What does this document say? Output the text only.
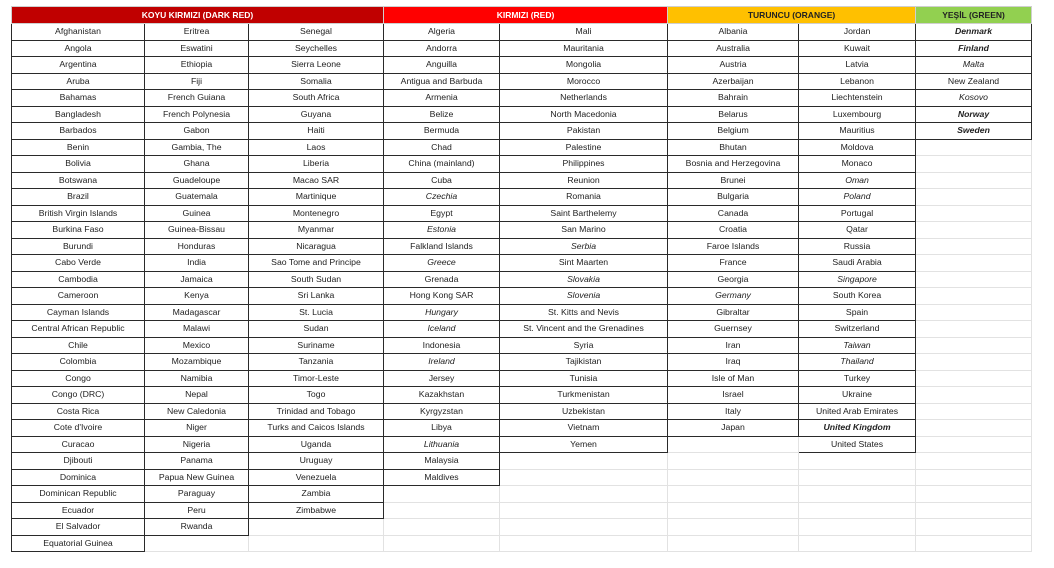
KOYU KIRMIZI (DARK RED)			KIRMIZI (RED)		TURUNCU (ORANGE)		YEŞİL (GREEN)
Afghanistan	Eritrea	Senegal	Algeria	Mali	Albania	Jordan	Denmark
Angola	Eswatini	Seychelles	Andorra	Mauritania	Australia	Kuwait	Finland
Argentina	Ethiopia	Sierra Leone	Anguilla	Mongolia	Austria	Latvia	Malta
Aruba	Fiji	Somalia	Antigua and Barbuda	Morocco	Azerbaijan	Lebanon	New Zealand
Bahamas	French Guiana	South Africa	Armenia	Netherlands	Bahrain	Liechtenstein	Kosovo
Bangladesh	French Polynesia	Guyana	Belize	North Macedonia	Belarus	Luxembourg	Norway
Barbados	Gabon	Haiti	Bermuda	Pakistan	Belgium	Mauritius	Sweden
Benin	Gambia, The	Laos	Chad	Palestine	Bhutan	Moldova	
Bolivia	Ghana	Liberia	China (mainland)	Philippines	Bosnia and Herzegovina	Monaco	
Botswana	Guadeloupe	Macao SAR	Cuba	Reunion	Brunei	Oman	
Brazil	Guatemala	Martinique	Czechia	Romania	Bulgaria	Poland	
British Virgin Islands	Guinea	Montenegro	Egypt	Saint Barthelemy	Canada	Portugal	
Burkina Faso	Guinea-Bissau	Myanmar	Estonia	San Marino	Croatia	Qatar	
Burundi	Honduras	Nicaragua	Falkland Islands	Serbia	Faroe Islands	Russia	
Cabo Verde	India	Sao Tome and Principe	Greece	Sint Maarten	France	Saudi Arabia	
Cambodia	Jamaica	South Sudan	Grenada	Slovakia	Georgia	Singapore	
Cameroon	Kenya	Sri Lanka	Hong Kong SAR	Slovenia	Germany	South Korea	
Cayman Islands	Madagascar	St. Lucia	Hungary	St. Kitts and Nevis	Gibraltar	Spain	
Central African Republic	Malawi	Sudan	Iceland	St. Vincent and the Grenadines	Guernsey	Switzerland	
Chile	Mexico	Suriname	Indonesia	Syria	Iran	Taiwan	
Colombia	Mozambique	Tanzania	Ireland	Tajikistan	Iraq	Thailand	
Congo	Namibia	Timor-Leste	Jersey	Tunisia	Isle of Man	Turkey	
Congo (DRC)	Nepal	Togo	Kazakhstan	Turkmenistan	Israel	Ukraine	
Costa Rica	New Caledonia	Trinidad and Tobago	Kyrgyzstan	Uzbekistan	Italy	United Arab Emirates	
Cote d'Ivoire	Niger	Turks and Caicos Islands	Libya	Vietnam	Japan	United Kingdom	
Curacao	Nigeria	Uganda	Lithuania	Yemen		United States	
Djibouti	Panama	Uruguay	Malaysia				
Dominica	Papua New Guinea	Venezuela	Maldives				
Dominican Republic	Paraguay	Zambia					
Ecuador	Peru	Zimbabwe					
El Salvador	Rwanda						
Equatorial Guinea							
